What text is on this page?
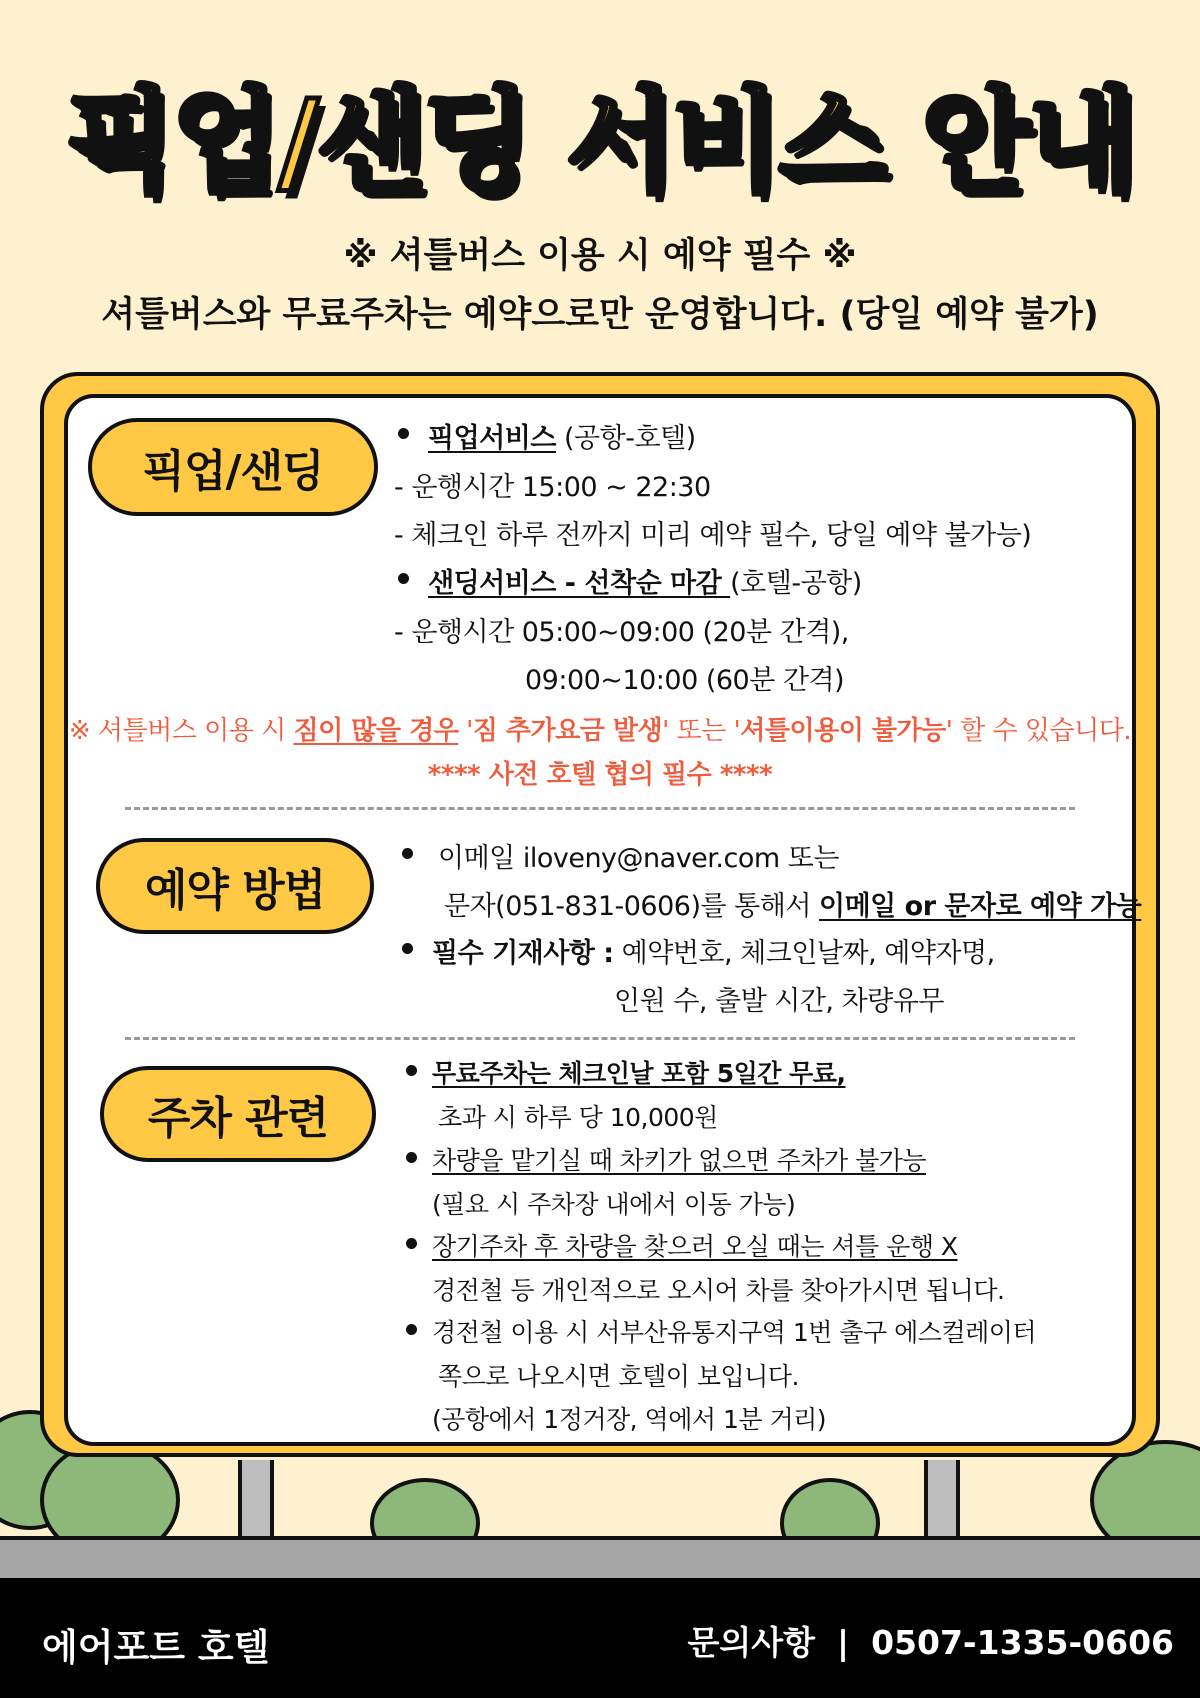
픽업/샌딩 서비스 안내
※ 셔틀버스 이용 시 예약 필수 ※
셔틀버스와 무료주차는 예약으로만 운영합니다. (당일 예약 불가)
픽업/샌딩
픽업서비스 (공항-호텔)
- 운행시간 15:00 ~ 22:30
- 체크인 하루 전까지 미리 예약 필수, 당일 예약 불가능)
샌딩서비스 - 선착순 마감 (호텔-공항)
- 운행시간 05:00~09:00 (20분 간격),
09:00~10:00 (60분 간격)
※ 셔틀버스 이용 시 짐이 많을 경우 '짐 추가요금 발생' 또는 '셔틀이용이 불가능' 할 수 있습니다.
**** 사전 호텔 협의 필수 ****
예약 방법
이메일 iloveny@naver.com 또는
문자(051-831-0606)를 통해서 이메일 or 문자로 예약 가능
필수 기재사항 : 예약번호, 체크인날짜, 예약자명,
인원 수, 출발 시간, 차량유무
주차 관련
무료주차는 체크인날 포함 5일간 무료,
초과 시 하루 당 10,000원
차량을 맡기실 때 차키가 없으면 주차가 불가능
(필요 시 주차장 내에서 이동 가능)
장기주차 후 차량을 찾으러 오실 때는 셔틀 운행 X
경전철 등 개인적으로 오시어 차를 찾아가시면 됩니다.
경전철 이용 시 서부산유통지구역 1번 출구 에스컬레이터
쪽으로 나오시면 호텔이 보입니다.
(공항에서 1정거장, 역에서 1분 거리)
에어포트 호텔	문의사항 | 0507-1335-0606
